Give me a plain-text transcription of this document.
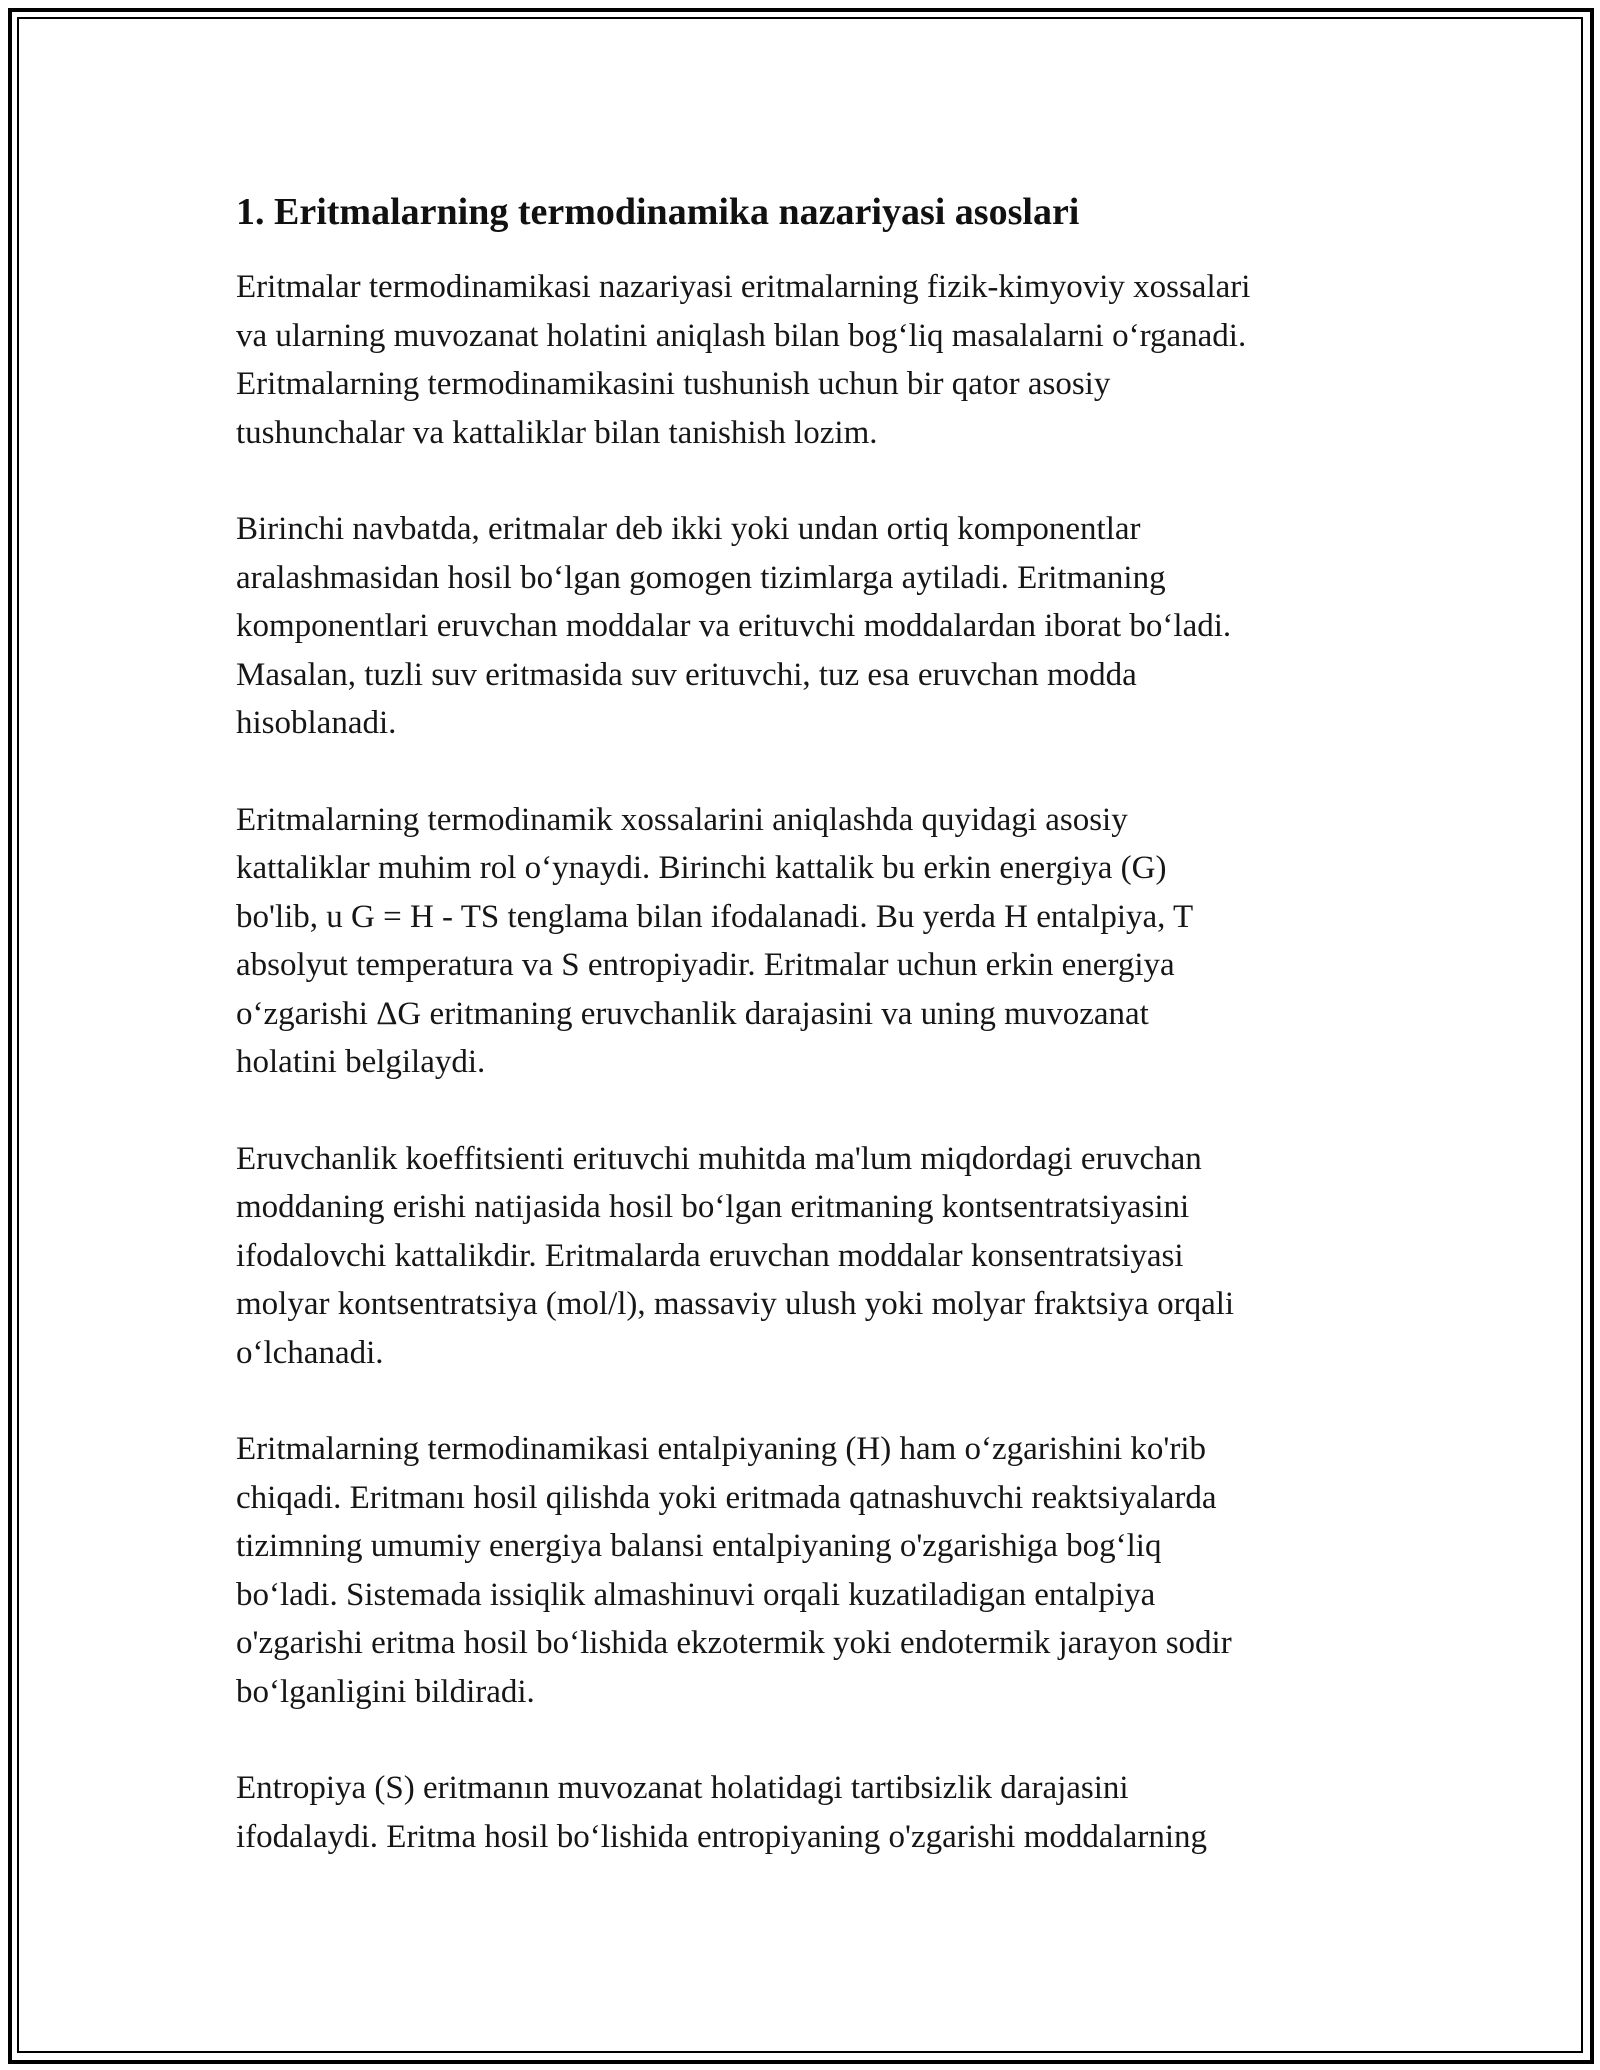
1. Eritmalarning termodinamika nazariyasi asoslari

Eritmalar termodinamikasi nazariyasi eritmalarning fizik-kimyoviy xossalari
va ularning muvozanat holatini aniqlash bilan bog‘liq masalalarni o‘rganadi.
Eritmalarning termodinamikasini tushunish uchun bir qator asosiy
tushunchalar va kattaliklar bilan tanishish lozim.

Birinchi navbatda, eritmalar deb ikki yoki undan ortiq komponentlar
aralashmasidan hosil bo‘lgan gomogen tizimlarga aytiladi. Eritmaning
komponentlari eruvchan moddalar va erituvchi moddalardan iborat bo‘ladi.
Masalan, tuzli suv eritmasida suv erituvchi, tuz esa eruvchan modda
hisoblanadi.

Eritmalarning termodinamik xossalarini aniqlashda quyidagi asosiy
kattaliklar muhim rol o‘ynaydi. Birinchi kattalik bu erkin energiya (G)
bo'lib, u G = H - TS tenglama bilan ifodalanadi. Bu yerda H entalpiya, T
absolyut temperatura va S entropiyadir. Eritmalar uchun erkin energiya
o‘zgarishi ΔG eritmaning eruvchanlik darajasini va uning muvozanat
holatini belgilaydi.

Eruvchanlik koeffitsienti erituvchi muhitda ma'lum miqdordagi eruvchan
moddaning erishi natijasida hosil bo‘lgan eritmaning kontsentratsiyasini
ifodalovchi kattalikdir. Eritmalarda eruvchan moddalar konsentratsiyasi
molyar kontsentratsiya (mol/l), massaviy ulush yoki molyar fraktsiya orqali
o‘lchanadi.

Eritmalarning termodinamikasi entalpiyaning (H) ham o‘zgarishini ko'rib
chiqadi. Eritmanı hosil qilishda yoki eritmada qatnashuvchi reaktsiyalarda
tizimning umumiy energiya balansi entalpiyaning o'zgarishiga bog‘liq
bo‘ladi. Sistemada issiqlik almashinuvi orqali kuzatiladigan entalpiya
o'zgarishi eritma hosil bo‘lishida ekzotermik yoki endotermik jarayon sodir
bo‘lganligini bildiradi.

Entropiya (S) eritmanın muvozanat holatidagi tartibsizlik darajasini
ifodalaydi. Eritma hosil bo‘lishida entropiyaning o'zgarishi moddalarning
